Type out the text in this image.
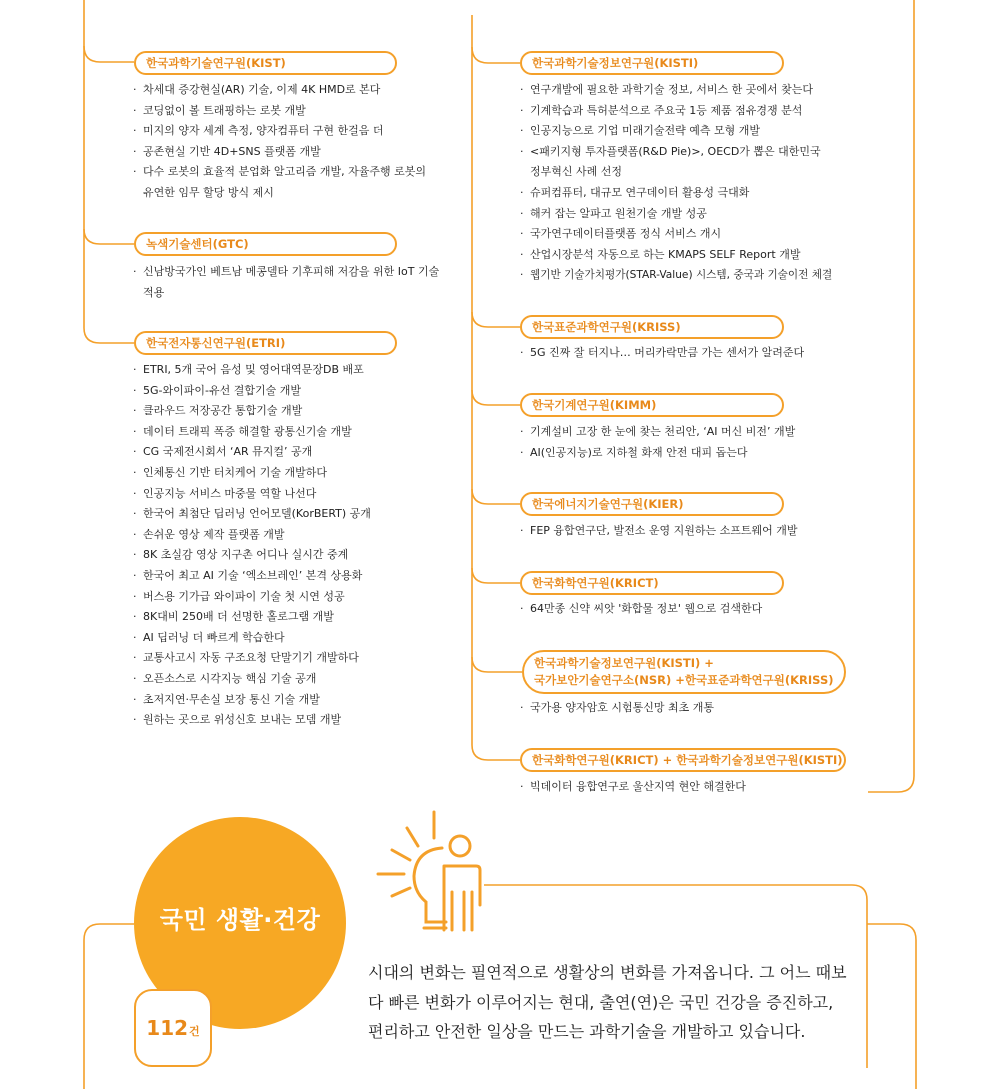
한국과학기술연구원(KIST)
· 차세대 증강현실(AR) 기술, 이제 4K HMD로 본다
· 코딩없이 볼 트래핑하는 로봇 개발
· 미지의 양자 세계 측정, 양자컴퓨터 구현 한걸음 더
· 공존현실 기반 4D+SNS 플랫폼 개발
· 다수 로봇의 효율적 분업화 알고리즘 개발, 자율주행 로봇의
유연한 임무 할당 방식 제시
녹색기술센터(GTC)
· 신남방국가인 베트남 메콩델타 기후피해 저감을 위한 IoT 기술
적용
한국전자통신연구원(ETRI)
· ETRI, 5개 국어 음성 및 영어대역문장DB 배포
· 5G-와이파이-유선 결합기술 개발
· 클라우드 저장공간 통합기술 개발
· 데이터 트래픽 폭증 해결할 광통신기술 개발
· CG 국제전시회서 ‘AR 뮤지컬’ 공개
· 인체통신 기반 터치케어 기술 개발하다
· 인공지능 서비스 마중물 역할 나선다
· 한국어 최첨단 딥러닝 언어모델(KorBERT) 공개
· 손쉬운 영상 제작 플랫폼 개발
· 8K 초실감 영상 지구촌 어디나 실시간 중계
· 한국어 최고 AI 기술 ‘엑소브레인’ 본격 상용화
· 버스용 기가급 와이파이 기술 첫 시연 성공
· 8K대비 250배 더 선명한 홀로그램 개발
· AI 딥러닝 더 빠르게 학습한다
· 교통사고시 자동 구조요청 단말기기 개발하다
· 오픈소스로 시각지능 핵심 기술 공개
· 초저지연·무손실 보장 통신 기술 개발
· 원하는 곳으로 위성신호 보내는 모뎀 개발
한국과학기술정보연구원(KISTI)
· 연구개발에 필요한 과학기술 정보, 서비스 한 곳에서 찾는다
· 기계학습과 특허분석으로 주요국 1등 제품 점유경쟁 분석
· 인공지능으로 기업 미래기술전략 예측 모형 개발
· <패키지형 투자플랫폼(R&D Pie)>, OECD가 뽑은 대한민국
정부혁신 사례 선정
· 슈퍼컴퓨터, 대규모 연구데이터 활용성 극대화
· 해커 잡는 알파고 원천기술 개발 성공
· 국가연구데이터플랫폼 정식 서비스 개시
· 산업시장분석 자동으로 하는 KMAPS SELF Report 개발
· 웹기반 기술가치평가(STAR-Value) 시스템, 중국과 기술이전 체결
한국표준과학연구원(KRISS)
· 5G 진짜 잘 터지나… 머리카락만큼 가는 센서가 알려준다
한국기계연구원(KIMM)
· 기계설비 고장 한 눈에 찾는 천리안, ‘AI 머신 비전’ 개발
· AI(인공지능)로 지하철 화재 안전 대피 돕는다
한국에너지기술연구원(KIER)
· FEP 융합연구단, 발전소 운영 지원하는 소프트웨어 개발
한국화학연구원(KRICT)
· 64만종 신약 씨앗 '화합물 정보' 웹으로 검색한다
한국과학기술정보연구원(KISTI) +
국가보안기술연구소(NSR) +한국표준과학연구원(KRISS)
· 국가용 양자암호 시험통신망 최초 개통
한국화학연구원(KRICT) + 한국과학기술정보연구원(KISTI)
· 빅데이터 융합연구로 울산지역 현안 해결한다
국민 생활·건강
112건

시대의 변화는 필연적으로 생활상의 변화를 가져옵니다. 그 어느 때보다 빠른 변화가 이루어지는 현대, 출연(연)은 국민 건강을 증진하고, 편리하고 안전한 일상을 만드는 과학기술을 개발하고 있습니다.
